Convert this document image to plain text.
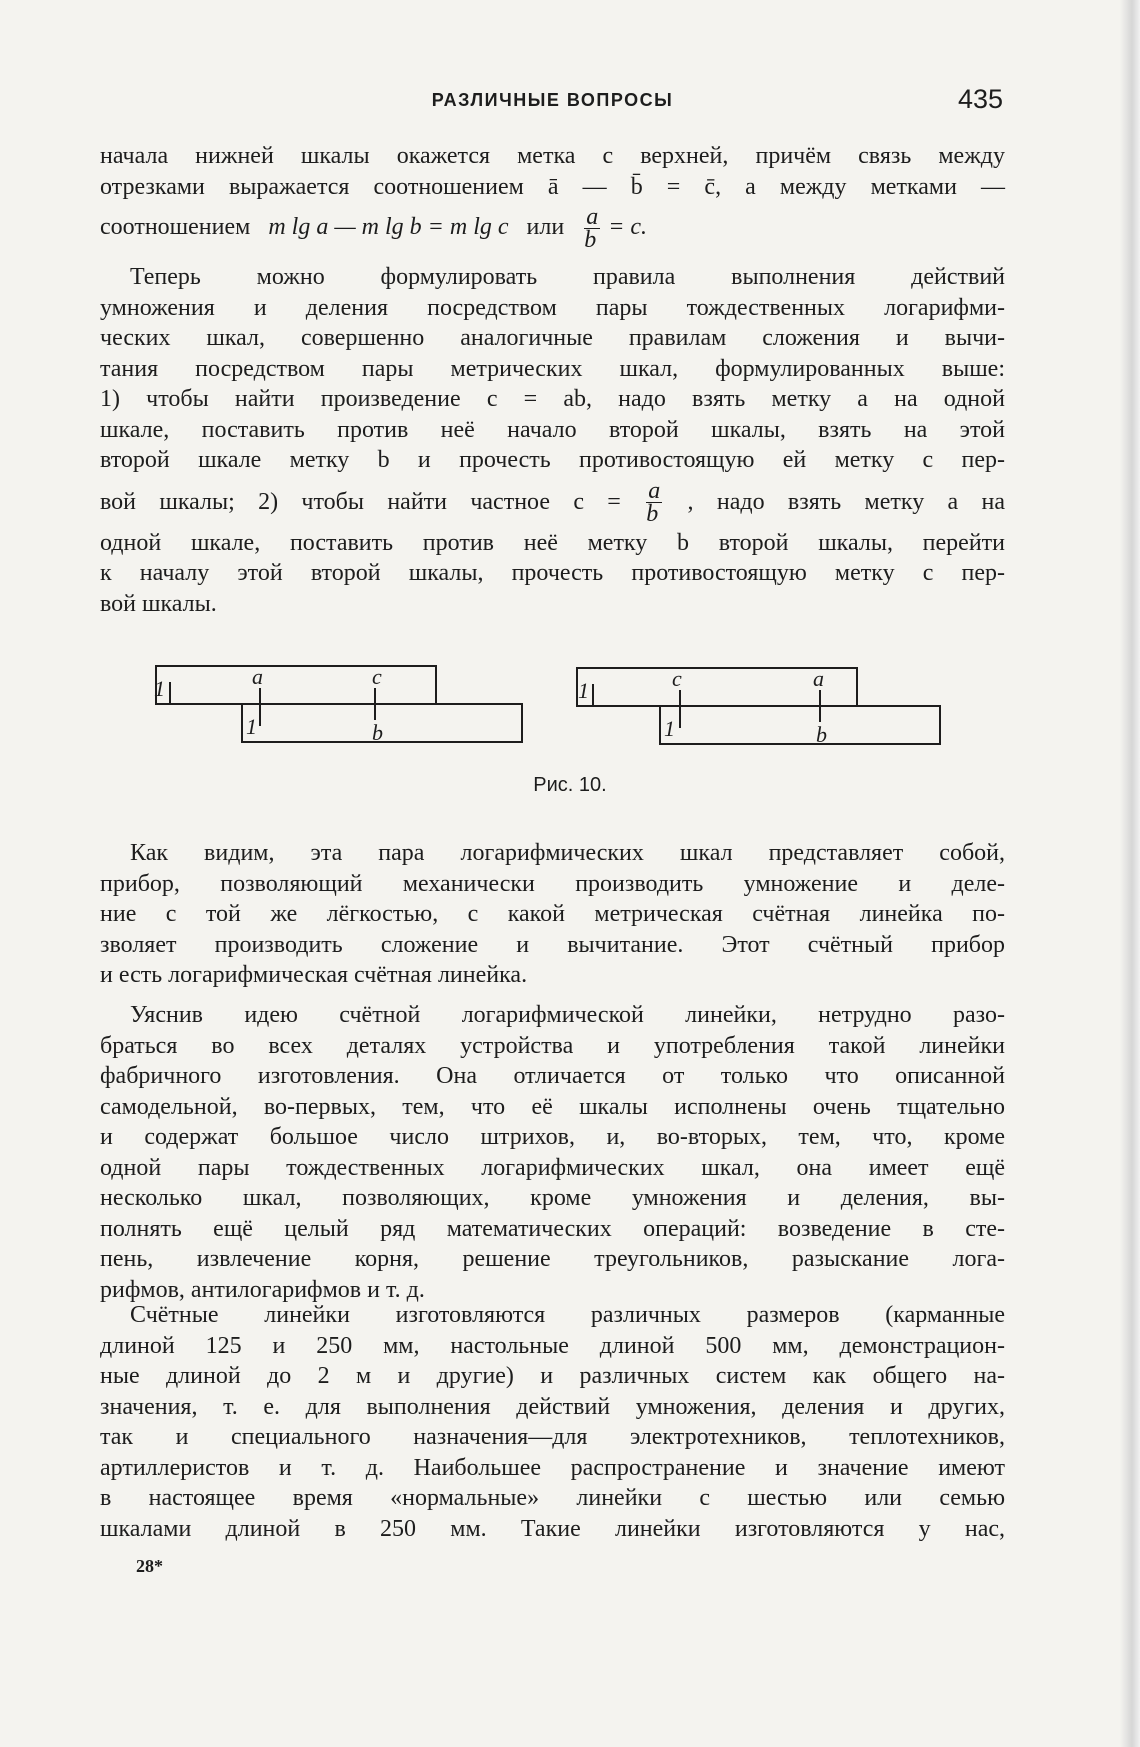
РАЗЛИЧНЫЕ ВОПРОСЫ	435
начала нижней шкалы окажется метка c верхней, причём связь между
отрезками выражается соотношением ā — b̄ = c̄, а между метками —
соотношением m lg a — m lg b = m lg c или $\frac{a}{b} = c$.
Теперь можно формулировать правила выполнения действий
умножения и деления посредством пары тождественных логарифми-
ческих шкал, совершенно аналогичные правилам сложения и вычи-
тания посредством пары метрических шкал, формулированных выше:
1) чтобы найти произведение c = ab, надо взять метку a на одной
шкале, поставить против неё начало второй шкалы, взять на этой
второй шкале метку b и прочесть противостоящую ей метку c пер-
вой шкалы; 2) чтобы найти частное $c = \frac{a}{b}$ , надо взять метку a на
одной шкале, поставить против неё метку b второй шкалы, перейти
к началу этой второй шкалы, прочесть противостоящую метку c пер-
вой шкалы.
1	a	c
1	b
1	c	a
1	b
Рис. 10.
Как видим, эта пара логарифмических шкал представляет собой,
прибор, позволяющий механически производить умножение и деле-
ние с той же лёгкостью, с какой метрическая счётная линейка по-
зволяет производить сложение и вычитание. Этот счётный прибор
и есть логарифмическая счётная линейка.
Уяснив идею счётной логарифмической линейки, нетрудно разо-
браться во всех деталях устройства и употребления такой линейки
фабричного изготовления. Она отличается от только что описанной
самодельной, во-первых, тем, что её шкалы исполнены очень тщательно
и содержат большое число штрихов, и, во-вторых, тем, что, кроме
одной пары тождественных логарифмических шкал, она имеет ещё
несколько шкал, позволяющих, кроме умножения и деления, вы-
полнять ещё целый ряд математических операций: возведение в сте-
пень, извлечение корня, решение треугольников, разыскание лога-
рифмов, антилогарифмов и т. д.
Счётные линейки изготовляются различных размеров (карманные
длиной 125 и 250 мм, настольные длиной 500 мм, демонстрацион-
ные длиной до 2 м и другие) и различных систем как общего на-
значения, т. е. для выполнения действий умножения, деления и других,
так и специального назначения—для электротехников, теплотехников,
артиллеристов и т. д. Наибольшее распространение и значение имеют
в настоящее время «нормальные» линейки с шестью или семью
шкалами длиной в 250 мм. Такие линейки изготовляются у нас,
28*
